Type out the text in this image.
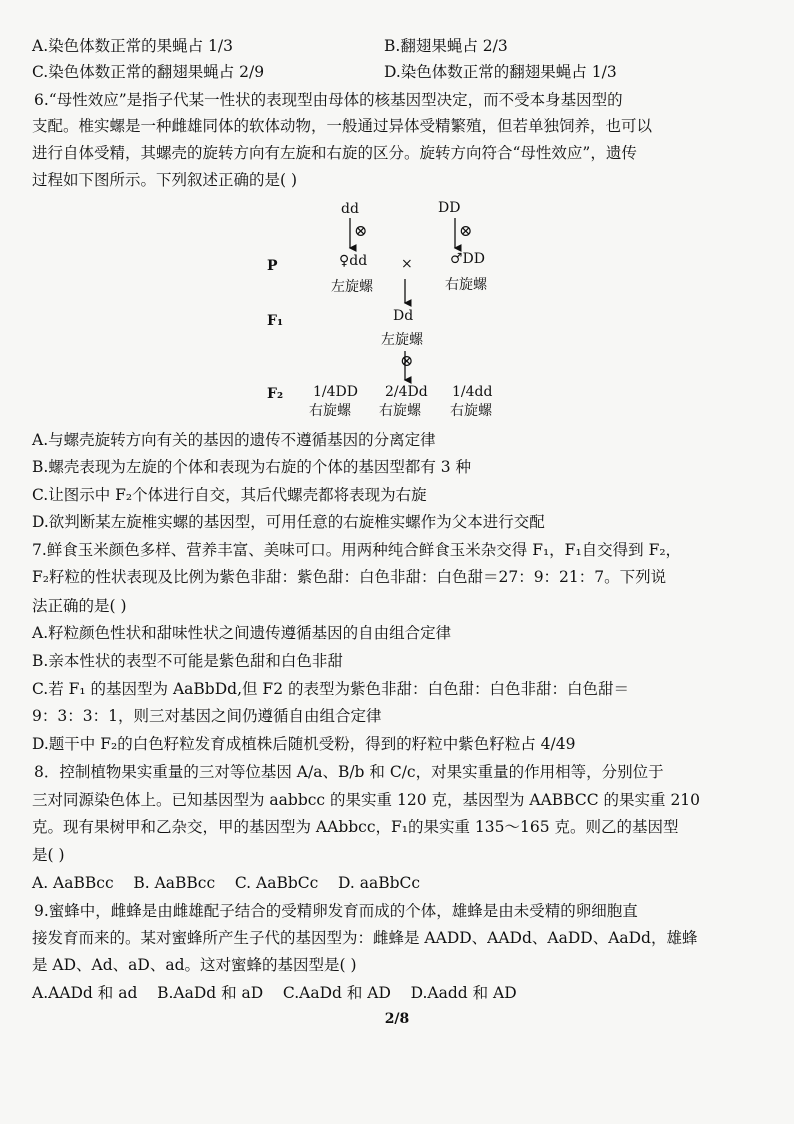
A.染色体数正常的果蝇占 1/3	B.翻翅果蝇占 2/3
C.染色体数正常的翻翅果蝇占 2/9	D.染色体数正常的翻翅果蝇占 1/3
6.“母性效应”是指子代某一性状的表现型由母体的核基因型决定，而不受本身基因型的
支配。椎实螺是一种雌雄同体的软体动物，一般通过异体受精繁殖，但若单独饲养，也可以
进行自体受精，其螺壳的旋转方向有左旋和右旋的区分。旋转方向符合“母性效应”，遗传
过程如下图所示。下列叙述正确的是( )
dd	DD
⊗	⊗
P	♀dd ×	♂DD
左旋螺	右旋螺
F₁	Dd
左旋螺
⊗
F₂ 1/4DD 2/4Dd 1/4dd
右旋螺 右旋螺 右旋螺
A.与螺壳旋转方向有关的基因的遗传不遵循基因的分离定律
B.螺壳表现为左旋的个体和表现为右旋的个体的基因型都有 3 种
C.让图示中 F₂个体进行自交，其后代螺壳都将表现为右旋
D.欲判断某左旋椎实螺的基因型，可用任意的右旋椎实螺作为父本进行交配
7.鲜食玉米颜色多样、营养丰富、美味可口。用两种纯合鲜食玉米杂交得 F₁，F₁自交得到 F₂，
F₂籽粒的性状表现及比例为紫色非甜：紫色甜：白色非甜：白色甜＝27：9：21：7。下列说
法正确的是( )
A.籽粒颜色性状和甜味性状之间遗传遵循基因的自由组合定律
B.亲本性状的表型不可能是紫色甜和白色非甜
C.若 F₁ 的基因型为 AaBbDd,但 F2 的表型为紫色非甜：白色甜：白色非甜：白色甜＝
9：3：3：1，则三对基因之间仍遵循自由组合定律
D.题干中 F₂的白色籽粒发育成植株后随机受粉，得到的籽粒中紫色籽粒占 4/49
8．控制植物果实重量的三对等位基因 A/a、B/b 和 C/c，对果实重量的作用相等，分别位于
三对同源染色体上。已知基因型为 aabbcc 的果实重 120 克，基因型为 AABBCC 的果实重 210
克。现有果树甲和乙杂交，甲的基因型为 AAbbcc，F₁的果实重 135～165 克。则乙的基因型
是( )
A. AaBBcc    B. AaBBcc    C. AaBbCc    D. aaBbCc
9.蜜蜂中，雌蜂是由雌雄配子结合的受精卵发育而成的个体，雄蜂是由未受精的卵细胞直
接发育而来的。某对蜜蜂所产生子代的基因型为：雌蜂是 AADD、AADd、AaDD、AaDd，雄蜂
是 AD、Ad、aD、ad。这对蜜蜂的基因型是( )
A.AADd 和 ad    B.AaDd 和 aD    C.AaDd 和 AD    D.Aadd 和 AD
2/8
